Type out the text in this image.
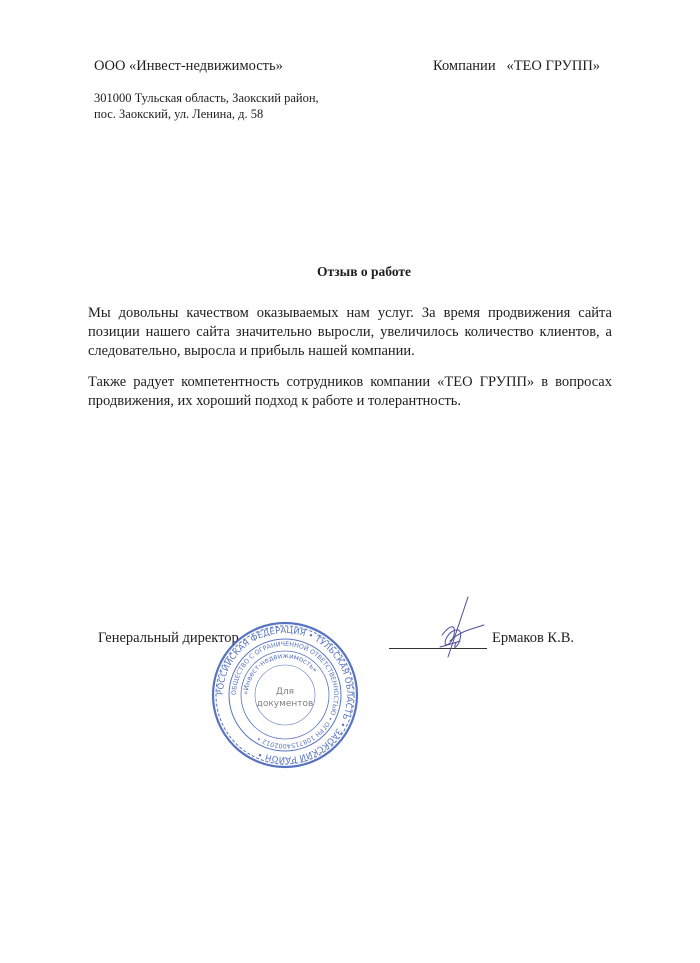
ООО «Инвест-недвижимость»
301000 Тульская область, Заокский район,
пос. Заокский, ул. Ленина, д. 58
Компании   «ТЕО ГРУПП»
Отзыв о работе
Мы довольны качеством оказываемых нам услуг. За время продвижения сайта позиции нашего сайта значительно выросли, увеличилось количество клиентов, а следовательно, выросла и прибыль нашей компании.
Также радует компетентность сотрудников компании «ТЕО ГРУПП» в вопросах продвижения, их хороший подход к работе и толерантность.
Генеральный директор
РОССИЙСКАЯ ФЕДЕРАЦИЯ • ТУЛЬСКАЯ ОБЛАСТЬ • ЗАОКСКИЙ РАЙОН •
ОБЩЕСТВО С ОГРАНИЧЕННОЙ ОТВЕТСТВЕННОСТЬЮ • ОГРН 1087154002012 •
«Инвест-недвижимость»
Для
документов
Ермаков К.В.
